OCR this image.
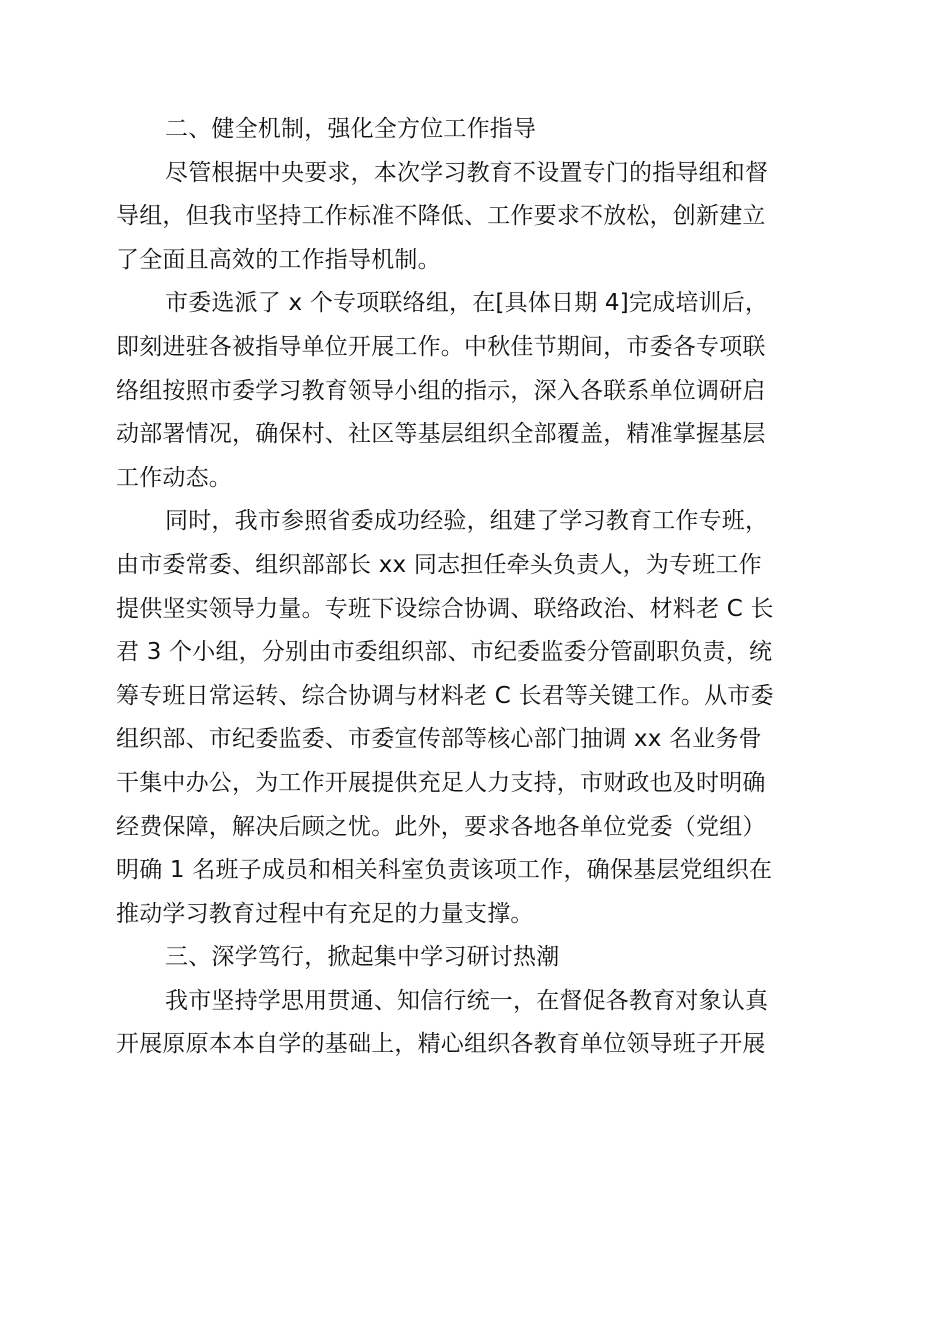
二、健全机制，强化全方位工作指导
尽管根据中央要求，本次学习教育不设置专门的指导组和督
导组，但我市坚持工作标准不降低、工作要求不放松，创新建立
了全面且高效的工作指导机制。
市委选派了 x 个专项联络组，在[具体日期 4]完成培训后，
即刻进驻各被指导单位开展工作。中秋佳节期间，市委各专项联
络组按照市委学习教育领导小组的指示，深入各联系单位调研启
动部署情况，确保村、社区等基层组织全部覆盖，精准掌握基层
工作动态。
同时，我市参照省委成功经验，组建了学习教育工作专班，
由市委常委、组织部部长 xx 同志担任牵头负责人，为专班工作
提供坚实领导力量。专班下设综合协调、联络政治、材料老 C 长
君 3 个小组，分别由市委组织部、市纪委监委分管副职负责，统
筹专班日常运转、综合协调与材料老 C 长君等关键工作。从市委
组织部、市纪委监委、市委宣传部等核心部门抽调 xx 名业务骨
干集中办公，为工作开展提供充足人力支持，市财政也及时明确
经费保障，解决后顾之忧。此外，要求各地各单位党委（党组）
明确 1 名班子成员和相关科室负责该项工作，确保基层党组织在
推动学习教育过程中有充足的力量支撑。
三、深学笃行，掀起集中学习研讨热潮
我市坚持学思用贯通、知信行统一，在督促各教育对象认真
开展原原本本自学的基础上，精心组织各教育单位领导班子开展
